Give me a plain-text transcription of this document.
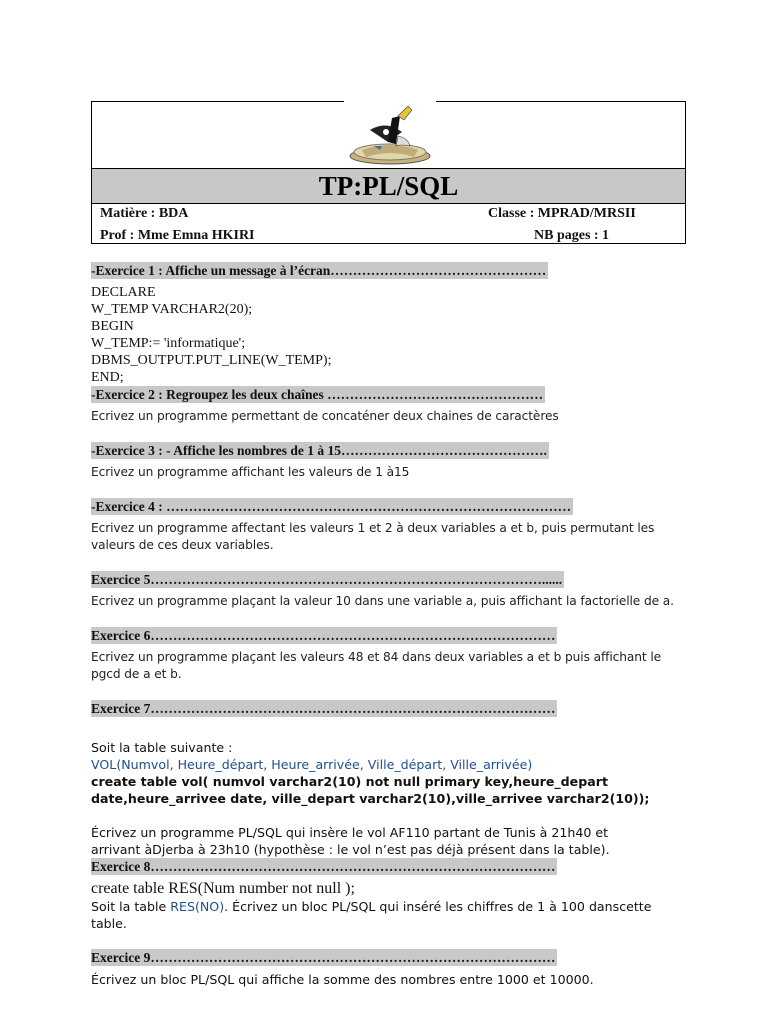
TP:PL/SQL
Matière : BDA	Classe : MPRAD/MRSII
Prof : Mme Emna HKIRI	NB pages : 1
-Exercice 1 : Affiche un message à l’écran…………………………………………
DECLARE
W_TEMP VARCHAR2(20);
BEGIN
W_TEMP:= 'informatique';
DBMS_OUTPUT.PUT_LINE(W_TEMP);
END;
-Exercice 2 : Regroupez les deux chaînes …………………………………………
Ecrivez un programme permettant de concaténer deux chaines de caractères
-Exercice 3 : - Affiche les nombres de 1 à 15……………………………………….
Ecrivez un programme affichant les valeurs de 1 à15
-Exercice 4 : ………………………………………………………………………………
Ecrivez un programme affectant les valeurs 1 et 2 à deux variables a et b, puis permutant les valeurs de ces deux variables.
Exercice 5……………………………………………………………………………......
Ecrivez un programme plaçant la valeur 10 dans une variable a, puis affichant la factorielle de a.
Exercice 6………………………………………………………………………………
Ecrivez un programme plaçant les valeurs 48 et 84 dans deux variables a et b puis affichant le pgcd de a et b.
Exercice 7………………………………………………………………………………
Soit la table suivante :
VOL(Numvol, Heure_départ, Heure_arrivée, Ville_départ, Ville_arrivée)
create table vol( numvol varchar2(10) not null primary key,heure_depart
date,heure_arrivee date, ville_depart varchar2(10),ville_arrivee varchar2(10));
Écrivez un programme PL/SQL qui insère le vol AF110 partant de Tunis à 21h40 et
arrivant àDjerba à 23h10 (hypothèse : le vol n’est pas déjà présent dans la table).
Exercice 8………………………………………………………………………………
create table RES(Num number not null );
Soit la table RES(NO). Écrivez un bloc PL/SQL qui inséré les chiffres de 1 à 100 danscette
table.
Exercice 9………………………………………………………………………………
Écrivez un bloc PL/SQL qui affiche la somme des nombres entre 1000 et 10000.
